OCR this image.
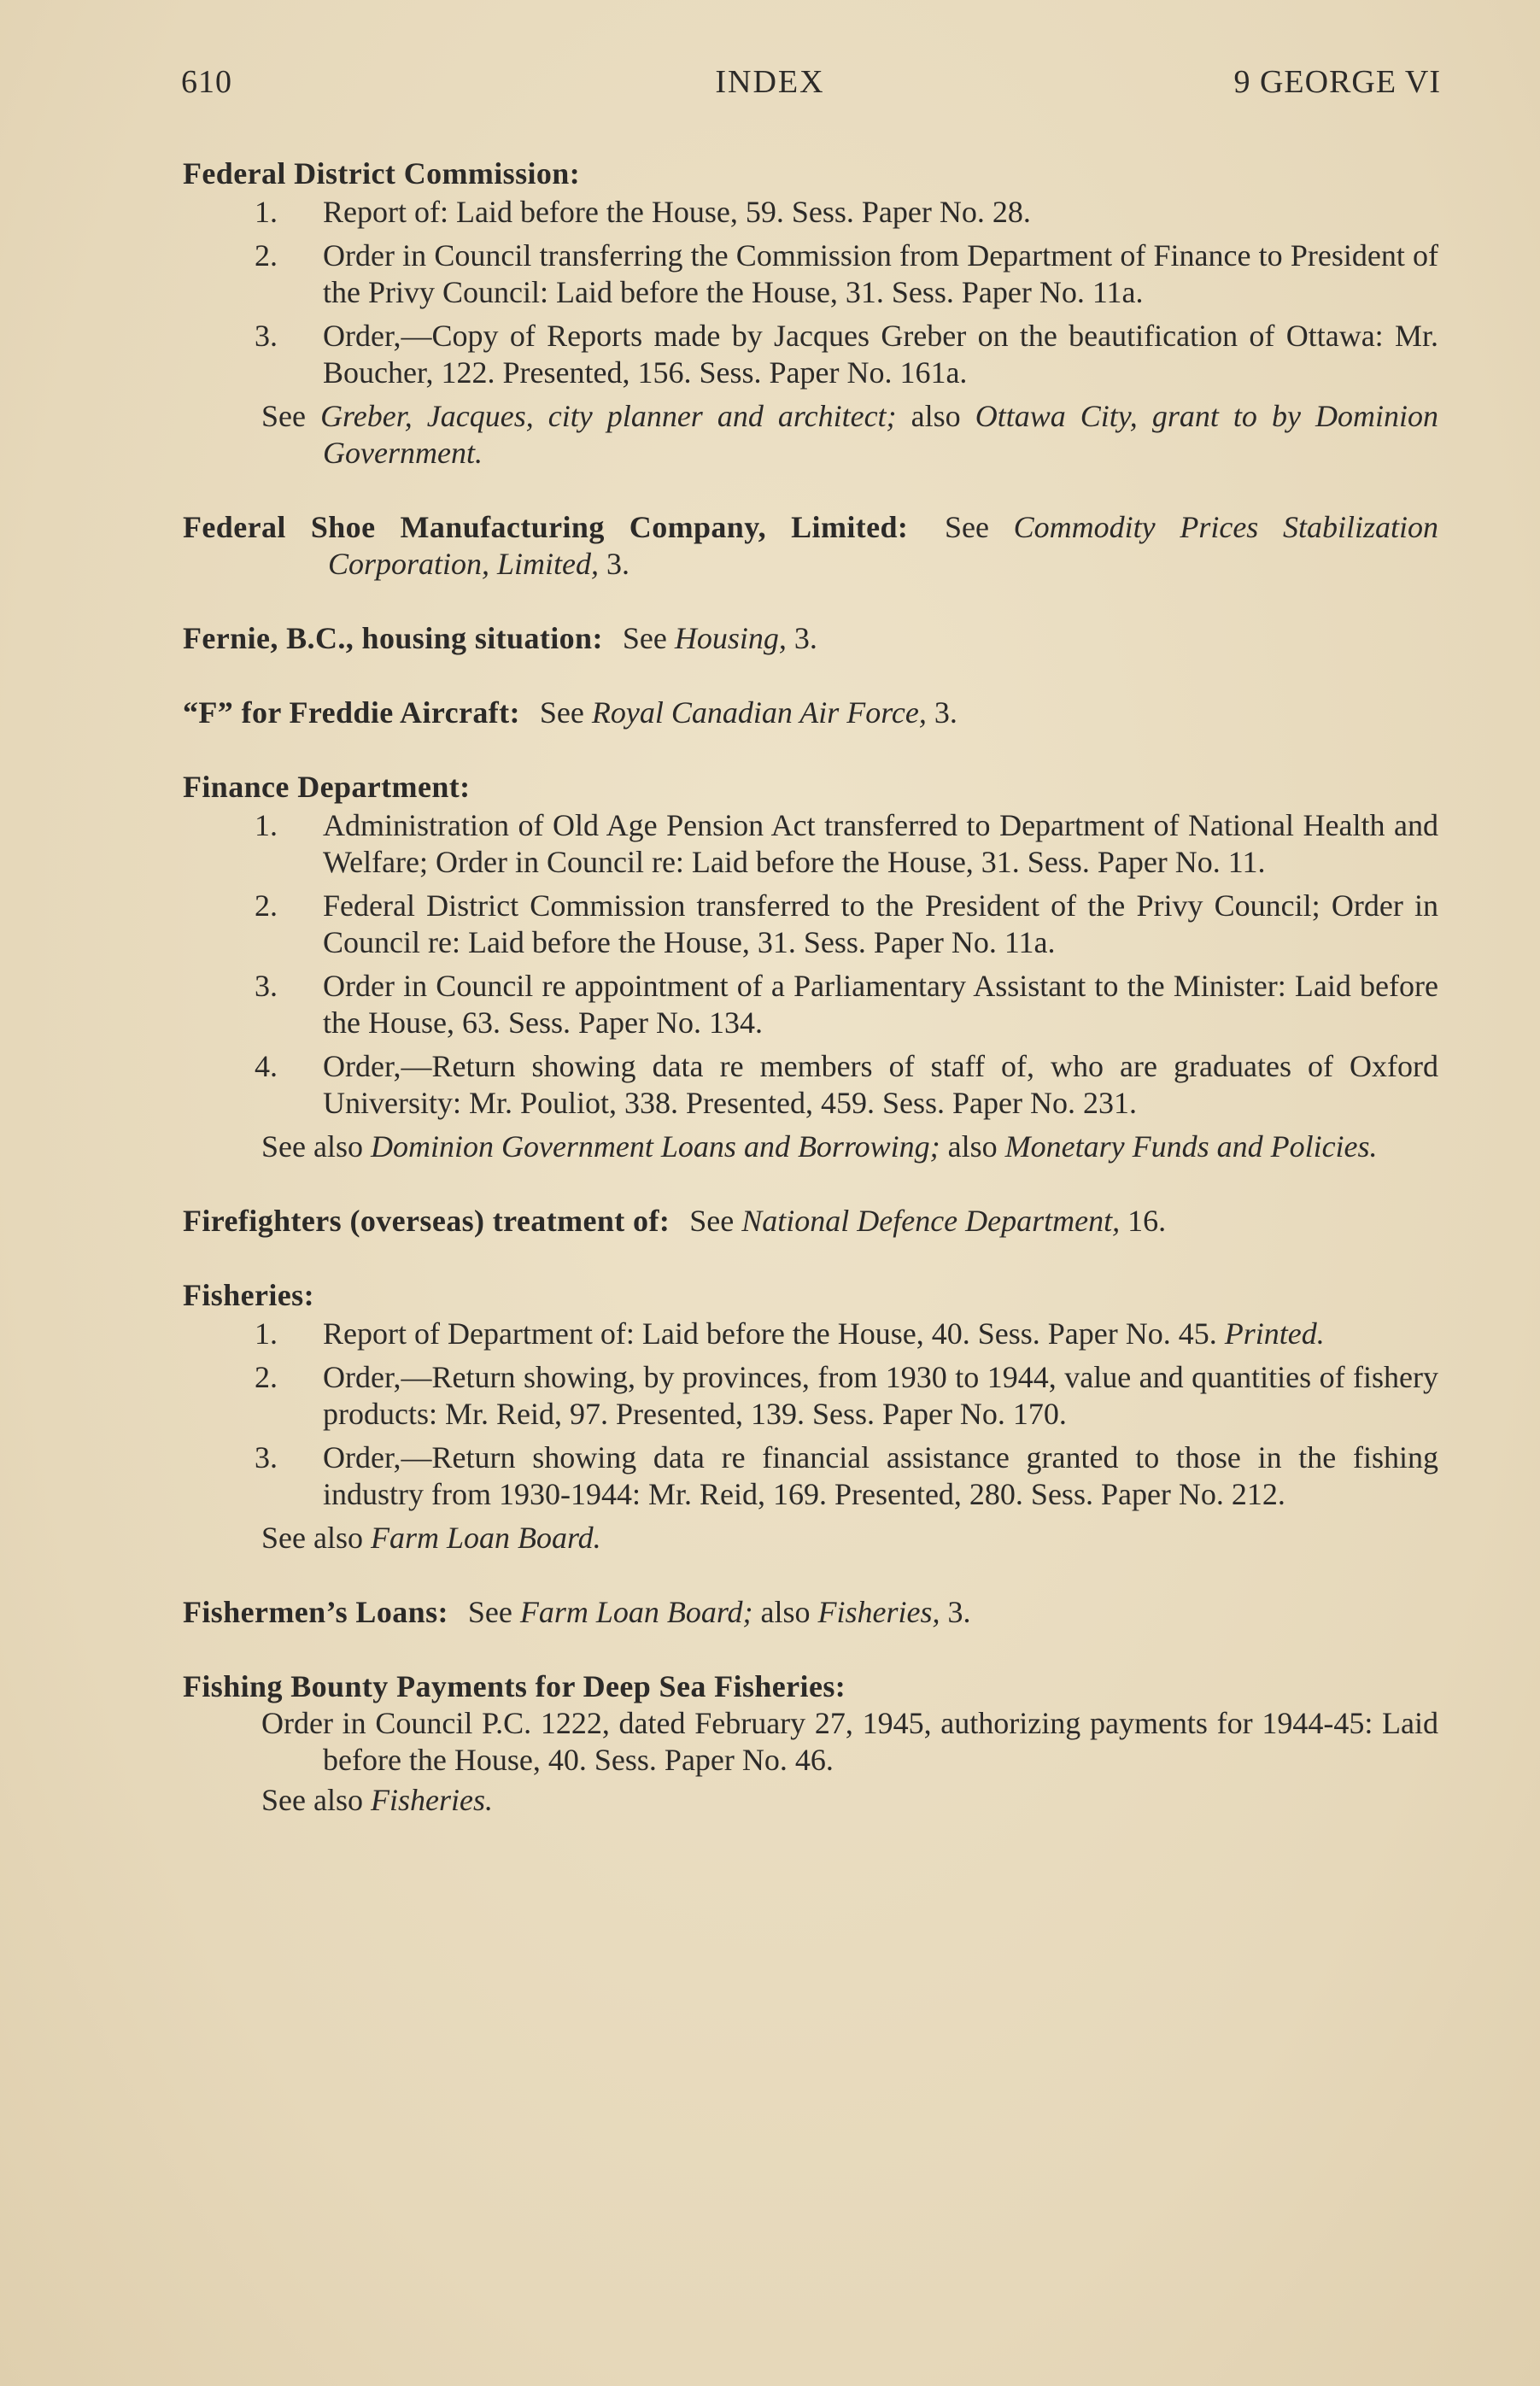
610	INDEX	9 GEORGE VI
Federal District Commission:
1. Report of: Laid before the House, 59. Sess. Paper No. 28.
2. Order in Council transferring the Commission from Department of Finance to President of the Privy Council: Laid before the House, 31. Sess. Paper No. 11a.
3. Order,—Copy of Reports made by Jacques Greber on the beautification of Ottawa: Mr. Boucher, 122. Presented, 156. Sess. Paper No. 161a.
See Greber, Jacques, city planner and architect; also Ottawa City, grant to by Dominion Government.
Federal Shoe Manufacturing Company, Limited: See Commodity Prices Stabilization Corporation, Limited, 3.
Fernie, B.C., housing situation: See Housing, 3.
“F” for Freddie Aircraft: See Royal Canadian Air Force, 3.
Finance Department:
1. Administration of Old Age Pension Act transferred to Department of National Health and Welfare; Order in Council re: Laid before the House, 31. Sess. Paper No. 11.
2. Federal District Commission transferred to the President of the Privy Council; Order in Council re: Laid before the House, 31. Sess. Paper No. 11a.
3. Order in Council re appointment of a Parliamentary Assistant to the Minister: Laid before the House, 63. Sess. Paper No. 134.
4. Order,—Return showing data re members of staff of, who are graduates of Oxford University: Mr. Pouliot, 338. Presented, 459. Sess. Paper No. 231.
See also Dominion Government Loans and Borrowing; also Monetary Funds and Policies.
Firefighters (overseas) treatment of: See National Defence Department, 16.
Fisheries:
1. Report of Department of: Laid before the House, 40. Sess. Paper No. 45. Printed.
2. Order,—Return showing, by provinces, from 1930 to 1944, value and quantities of fishery products: Mr. Reid, 97. Presented, 139. Sess. Paper No. 170.
3. Order,—Return showing data re financial assistance granted to those in the fishing industry from 1930-1944: Mr. Reid, 169. Presented, 280. Sess. Paper No. 212.
See also Farm Loan Board.
Fishermen’s Loans: See Farm Loan Board; also Fisheries, 3.
Fishing Bounty Payments for Deep Sea Fisheries:
Order in Council P.C. 1222, dated February 27, 1945, authorizing payments for 1944-45: Laid before the House, 40. Sess. Paper No. 46.
See also Fisheries.
